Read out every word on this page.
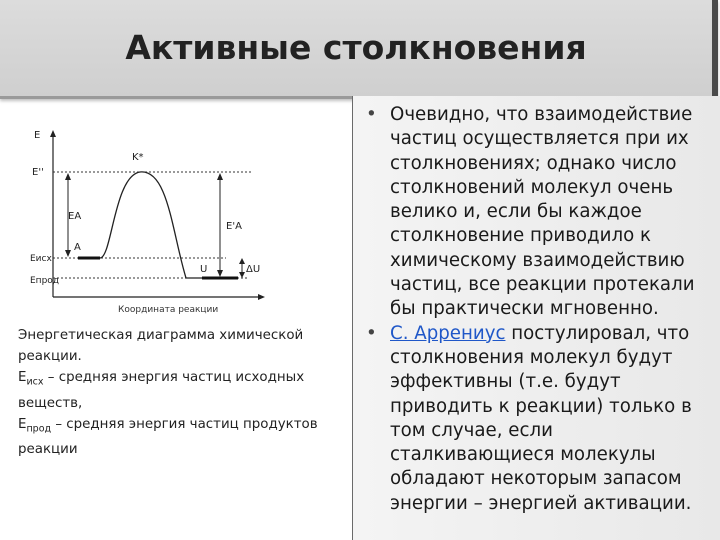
Активные столкновения
E
E''
K*
EA
E'A
A
Eисх
Eпрод
U	ΔU
Координата реакции
Энергетическая диаграмма химической реакции.
$E_{исх}$ – средняя энергия частиц исходных веществ,
$E_{прод}$ – средняя энергия частиц продуктов реакции
• Очевидно, что взаимодействие частиц осуществляется при их столкновениях; однако число столкновений молекул очень велико и, если бы каждое столкновение приводило к химическому взаимодействию частиц, все реакции протекали бы практически мгновенно.
• С. Аррениус постулировал, что столкновения молекул будут эффективны (т.е. будут приводить к реакции) только в том случае, если сталкивающиеся молекулы обладают некоторым запасом энергии – энергией активации.
